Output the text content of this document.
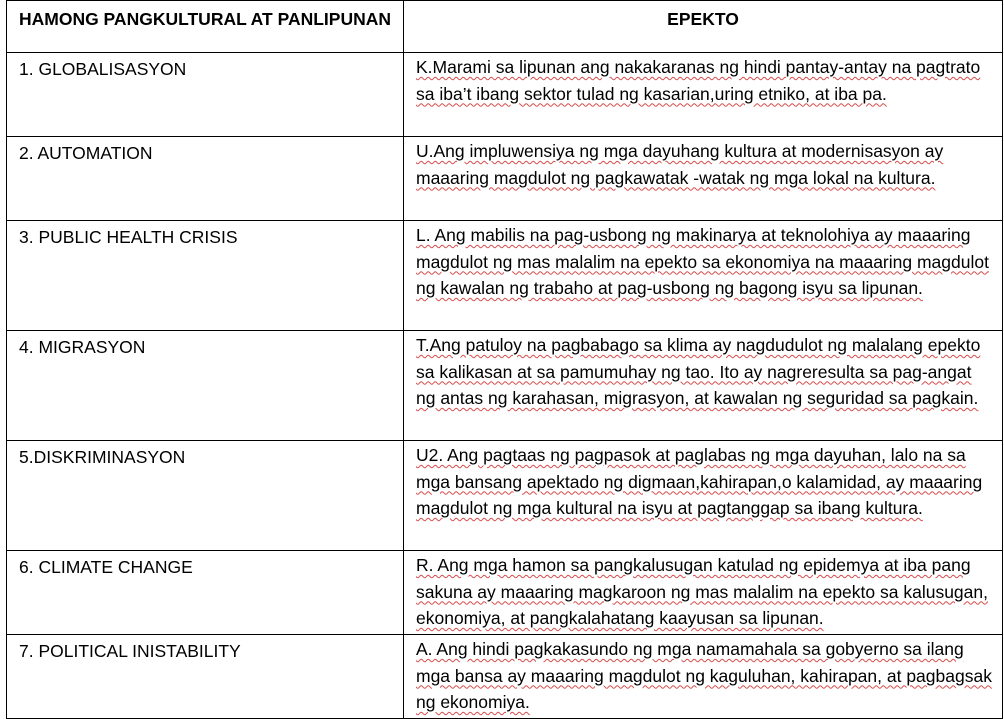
HAMONG PANGKULTURAL AT PANLIPUNAN	EPEKTO
1. GLOBALISASYON	K.Marami sa lipunan ang nakakaranas ng hindi pantay-antay na pagtrato sa iba’t ibang sektor tulad ng kasarian,uring etniko, at iba pa.
2. AUTOMATION	U.Ang impluwensiya ng mga dayuhang kultura at modernisasyon ay maaaring magdulot ng pagkawatak -watak ng mga lokal na kultura.
3. PUBLIC HEALTH CRISIS	L. Ang mabilis na pag-usbong ng makinarya at teknolohiya ay maaaring magdulot ng mas malalim na epekto sa ekonomiya na maaaring magdulot ng kawalan ng trabaho at pag-usbong ng bagong isyu sa lipunan.
4. MIGRASYON	T.Ang patuloy na pagbabago sa klima ay nagdudulot ng malalang epekto sa kalikasan at sa pamumuhay ng tao. Ito ay nagreresulta sa pag-angat ng antas ng karahasan, migrasyon, at kawalan ng seguridad sa pagkain.
5.DISKRIMINASYON	U2. Ang pagtaas ng pagpasok at paglabas ng mga dayuhan, lalo na sa mga bansang apektado ng digmaan,kahirapan,o kalamidad, ay maaaring magdulot ng mga kultural na isyu at pagtanggap sa ibang kultura.
6. CLIMATE CHANGE	R. Ang mga hamon sa pangkalusugan katulad ng epidemya at iba pang sakuna ay maaaring magkaroon ng mas malalim na epekto sa kalusugan, ekonomiya, at pangkalahatang kaayusan sa lipunan.
7. POLITICAL INISTABILITY	A. Ang hindi pagkakasundo ng mga namamahala sa gobyerno sa ilang mga bansa ay maaaring magdulot ng kaguluhan, kahirapan, at pagbagsak ng ekonomiya.
